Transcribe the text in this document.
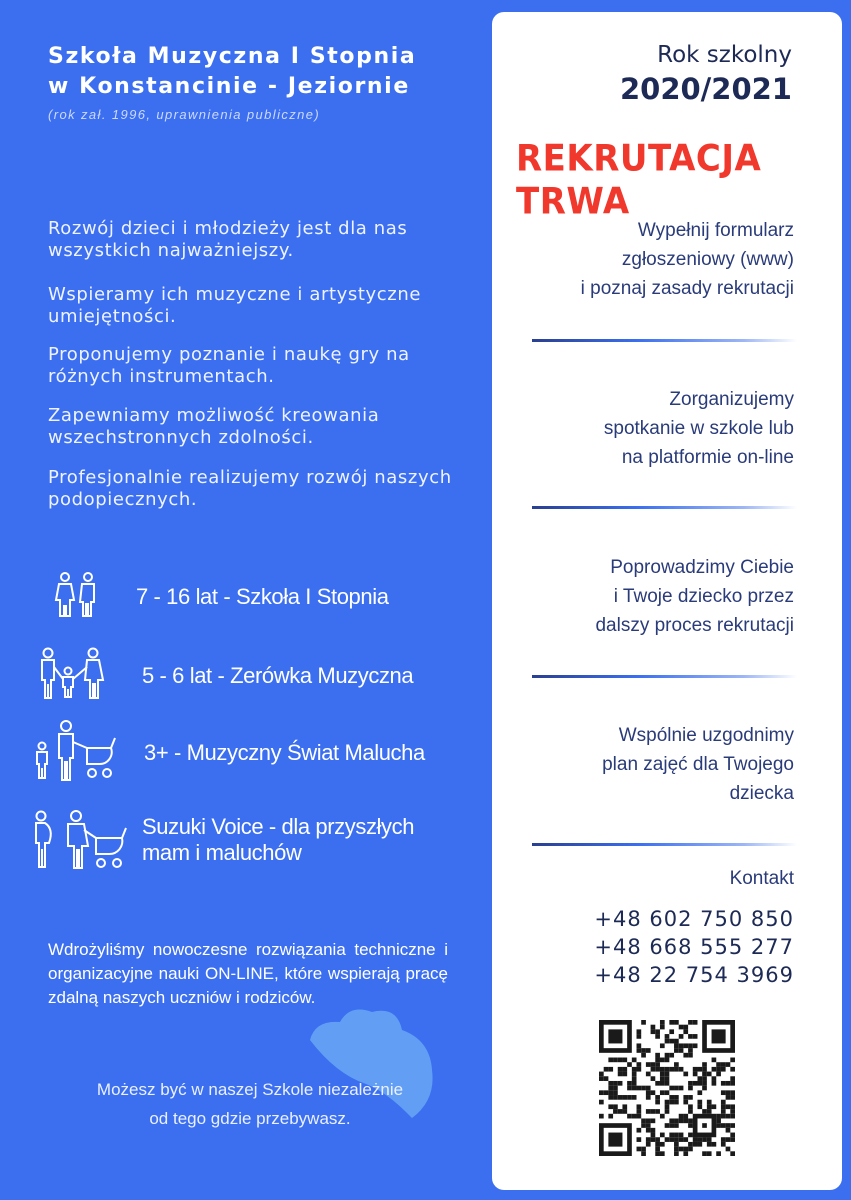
Szkoła Muzyczna I Stopnia
w Konstancinie - Jeziornie
(rok zał. 1996, uprawnienia publiczne)

Rozwój dzieci i młodzieży jest dla nas wszystkich najważniejszy.

Wspieramy ich muzyczne i artystyczne umiejętności.

Proponujemy poznanie i naukę gry na różnych instrumentach.

Zapewniamy możliwość kreowania wszechstronnych zdolności.

Profesjonalnie realizujemy rozwój naszych podopiecznych.

7 - 16 lat - Szkoła I Stopnia
5 - 6 lat - Zerówka Muzyczna
3+ - Muzyczny Świat Malucha
Suzuki Voice - dla przyszłych
mam i maluchów

Wdrożyliśmy nowoczesne rozwiązania techniczne i organizacyjne nauki ON-LINE, które wspierają pracę zdalną naszych uczniów i rodziców.

Możesz być w naszej Szkole niezależnie
od tego gdzie przebywasz.
Rok szkolny
2020/2021
REKRUTACJA TRWA
Wypełnij formularz
zgłoszeniowy (www)
i poznaj zasady rekrutacji
Zorganizujemy
spotkanie w szkole lub
na platformie on-line
Poprowadzimy Ciebie
i Twoje dziecko przez
dalszy proces rekrutacji
Wspólnie uzgodnimy
plan zajęć dla Twojego
dziecka
Kontakt
+48 602 750 850
+48 668 555 277
+48 22 754 3969
